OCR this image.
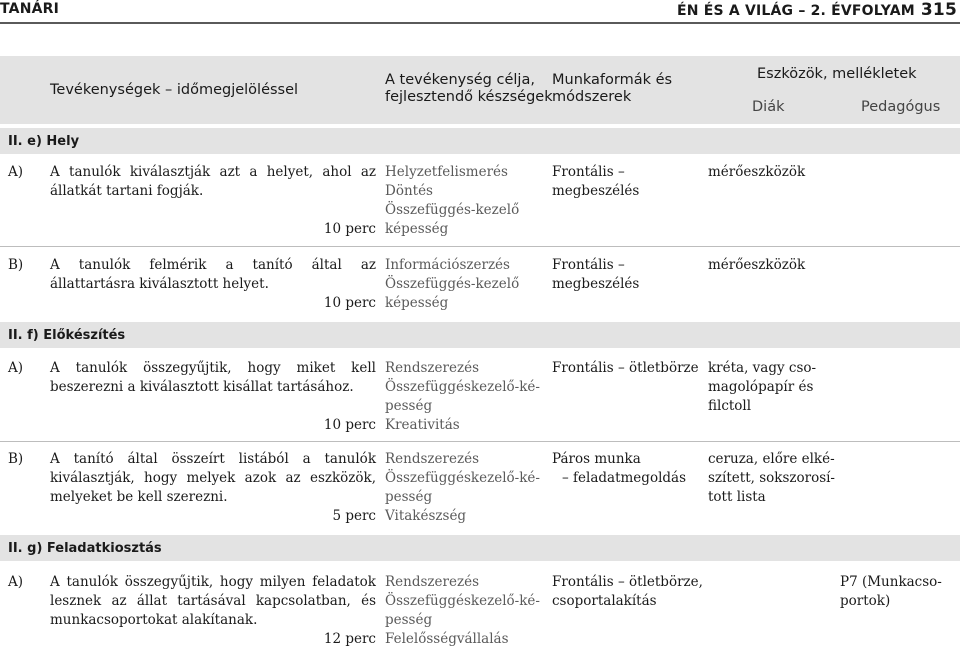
TANÁRI	ÉN ÉS A VILÁG – 2. ÉVFOLYAM 315
Tevékenységek – időmegjelöléssel
A tevékenység célja,
fejlesztendő készségek
Munkaformák és
módszerek
Eszközök, mellékletek
Diák	Pedagógus
II. e) Hely
A) A tanulók kiválasztják azt a helyet, ahol az állatkát tartani fogják.
10 perc
Helyzetfelismerés
Döntés
Összefüggés-kezelő
képesség
Frontális –
megbeszélés
mérőeszközök
B) A tanulók felmérik a tanító által az állattartásra kiválasztott helyet.
10 perc
Információszerzés
Összefüggés-kezelő
képesség
Frontális –
megbeszélés
mérőeszközök
II. f) Előkészítés
A) A tanulók összegyűjtik, hogy miket kell beszerezni a kiválasztott kisállat tartásához.
10 perc
Rendszerezés
Összefüggéskezelő-ké-
pesség
Kreativitás
Frontális – ötletbörze kréta, vagy cso-
magolópapír és
filctoll
B) A tanító által összeírt listából a tanulók kiválasztják, hogy melyek azok az eszközök, melyeket be kell szerezni.
5 perc
Rendszerezés
Összefüggéskezelő-ké-
pesség
Vitakészség
Páros munka
– feladatmegoldás
ceruza, előre elké-
szített, sokszorosí-
tott lista
II. g) Feladatkiosztás
A) A tanulók összegyűjtik, hogy milyen feladatok lesznek az állat tartásával kapcsolatban, és munkacsoportokat alakítanak.
12 perc
Rendszerezés
Összefüggéskezelő-ké-
pesség
Felelősségvállalás
Frontális – ötletbörze,
csoportalakítás
P7 (Munkacso-
portok)
